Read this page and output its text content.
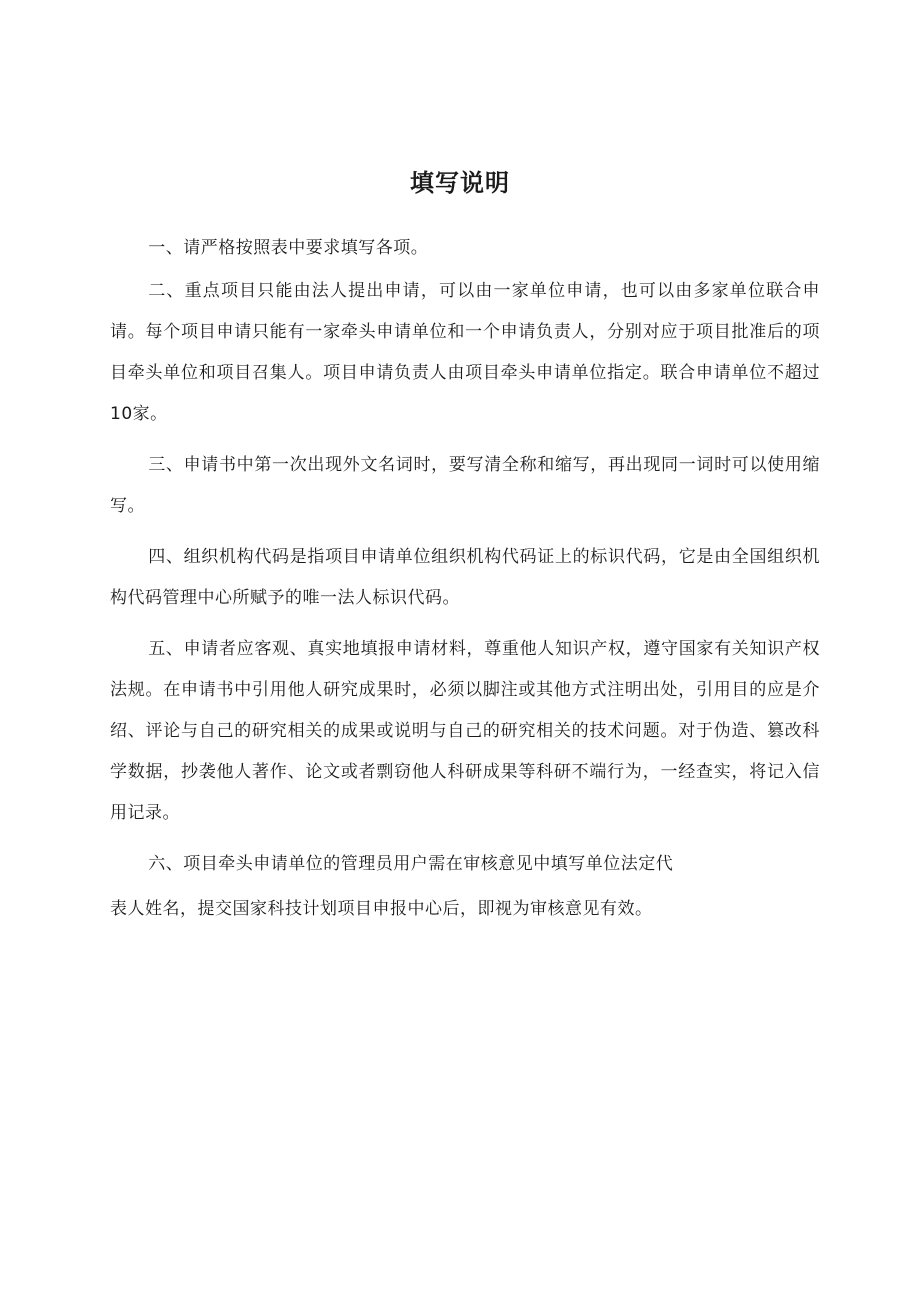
填写说明

一、请严格按照表中要求填写各项。

二、重点项目只能由法人提出申请，可以由一家单位申请，也可以由多家单位联合申请。每个项目申请只能有一家牵头申请单位和一个申请负责人，分别对应于项目批准后的项目牵头单位和项目召集人。项目申请负责人由项目牵头申请单位指定。联合申请单位不超过10家。

三、申请书中第一次出现外文名词时，要写清全称和缩写，再出现同一词时可以使用缩写。

四、组织机构代码是指项目申请单位组织机构代码证上的标识代码，它是由全国组织机构代码管理中心所赋予的唯一法人标识代码。

五、申请者应客观、真实地填报申请材料，尊重他人知识产权，遵守国家有关知识产权法规。在申请书中引用他人研究成果时，必须以脚注或其他方式注明出处，引用目的应是介绍、评论与自己的研究相关的成果或说明与自己的研究相关的技术问题。对于伪造、篡改科学数据，抄袭他人著作、论文或者剽窃他人科研成果等科研不端行为，一经查实，将记入信用记录。

六、项目牵头申请单位的管理员用户需在审核意见中填写单位法定代

表人姓名，提交国家科技计划项目申报中心后，即视为审核意见有效。
